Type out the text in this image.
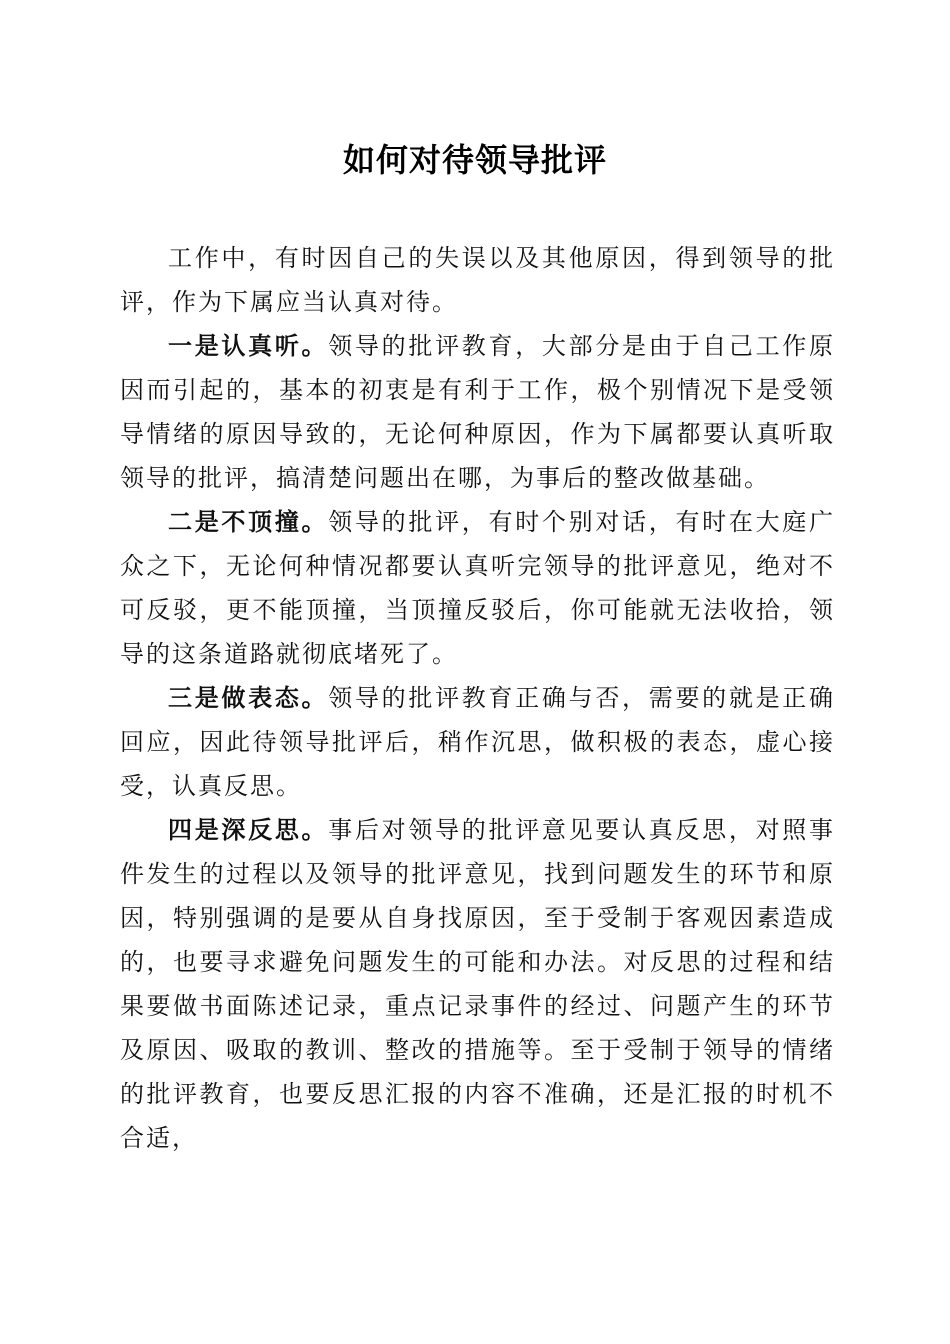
如何对待领导批评

工作中，有时因自己的失误以及其他原因，得到领导的批评，作为下属应当认真对待。

一是认真听。领导的批评教育，大部分是由于自己工作原因而引起的，基本的初衷是有利于工作，极个别情况下是受领导情绪的原因导致的，无论何种原因，作为下属都要认真听取领导的批评，搞清楚问题出在哪，为事后的整改做基础。

二是不顶撞。领导的批评，有时个别对话，有时在大庭广众之下，无论何种情况都要认真听完领导的批评意见，绝对不可反驳，更不能顶撞，当顶撞反驳后，你可能就无法收拾，领导的这条道路就彻底堵死了。

三是做表态。领导的批评教育正确与否，需要的就是正确回应，因此待领导批评后，稍作沉思，做积极的表态，虚心接受，认真反思。

四是深反思。事后对领导的批评意见要认真反思，对照事件发生的过程以及领导的批评意见，找到问题发生的环节和原因，特别强调的是要从自身找原因，至于受制于客观因素造成的，也要寻求避免问题发生的可能和办法。对反思的过程和结果要做书面陈述记录，重点记录事件的经过、问题产生的环节及原因、吸取的教训、整改的措施等。至于受制于领导的情绪的批评教育，也要反思汇报的内容不准确，还是汇报的时机不合适，
